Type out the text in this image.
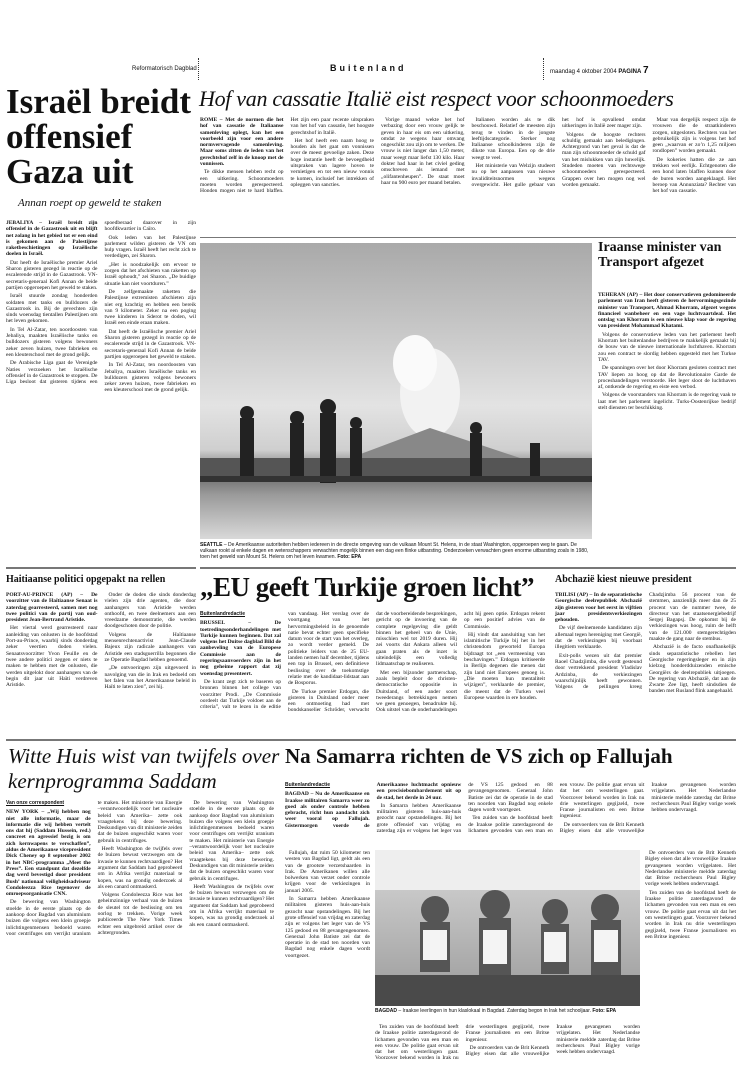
Reformatorisch Dagblad	Buitenland	maandag 4 oktober 2004 PAGINA 7
Israël breidt offensief Gaza uit
Annan roept op geweld te staken

JEBALIYA – Israël breidt zijn offensief in de Gazastrook uit en blijft net zolang in het gebied tot er een eind is gekomen aan de Palestijnse raketbeschietingen op Israëlische doelen in Israël.

Dat heeft de Israëlische premier Ariel Sharon gisteren gezegd in reactie op de escalerende strijd in de Gazastrook. VN-secretaris-generaal Kofi Annan de beide partijen opgeroepen het geweld te staken.

Israël stuurde zondag honderden soldaten met tanks en bulldozers de Gazastrook in. Bij de gevechten zijn sinds woensdag tientallen Palestijnen om het leven gekomen.

In Tel Al-Zatar, ten noordoosten van Jebaliya, maakten Israëlische tanks en bulldozers gisteren volgens bewoners zeker zeven huizen, twee fabrieken en een kleuterschool met de grond gelijk.

De Arabische Liga gaat de Verenigde Naties verzoeken het Israëlische offensief in de Gazastrook te stoppen. De Liga besloot dat gisteren tijdens een spoedberaad daarover in zijn hoofdkwartier in Caïro.

Ook leden van het Palestijnse parlement wilden gisteren de VN om hulp vragen. Israël heeft het recht zich te verdedigen, zei Sharon.

„Het is noodzakelijk om ervoor te zorgen dat het afschieten van raketten op Israël ophoudt,” zei Sharon. „De buidige situatie kan niet voortduren.”

De zelfgemaakte raketten die Palestijnse extremisten afschieten zijn niet erg krachtig en hebben een bereik van 9 kilometer. Zeker na een poging twee kinderen in Sderot te doden, wil Israël een einde eraan maken.

Dat heeft de Israëlische premier Ariel Sharon gisteren gezegd in reactie op de escalerende strijd in de Gazastrook. VN-secretaris-generaal Kofi Annan de beide partijen opgeroepen het geweld te staken.

In Tel Al-Zatar, ten noordoosten van Jebaliya, maakten Israëlische tanks en bulldozers gisteren volgens bewoners zeker zeven huizen, twee fabrieken en een kleuterschool met de grond gelijk.

Hof van cassatie Italië eist respect voor schoonmoeders

ROME – Met de normen die het hof van cassatie de Italiaanse samenleving oplegt, kan het een voorbeeld zijn voor een andere normvervagende samenleving. Maar soms zitten de leden van het gerechtshof zelf in de knoop met de vonnissen.

Te dikke mensen hebben recht op een uitkering. Schoonmoeders moeten worden gerespecteerd. Honden mogen niet te hard blaffen. Het zijn een paar recente uitspraken van het hof van cassatie, het hoogste gerechtshof in Italië.

Het hof heeft een naam hoog te houden als het gaat om vonnissen over de meest gevoelige zaken. Deze hoge instantie heeft de bevoegdheid uitspraken van lagere hoven te vernietigen en tot een nieuw vonnis te komen, inclusief het intrekken of opleggen van sancties.

Vorige maand wekte het hof verbazing door een vrouw gelijk te geven in haar eis om een uitkering, omdat ze wegens haar omvang ongeschikt zou zijn om te werken. De vrouw is niet langer dan 1,50 meter, maar weegt maar liefst 130 kilo. Haar dokter had haar in het civiel geding omschreven als iemand met „olifantenheupen”. De staat moet haar nu 900 euro per maand betalen.

Italianen worden als te dik beschouwd. Relatief de meesten zijn terug te vinden in de jongste leeftijdscategorie. Sterker nog Italiaanse schoolkinderen zijn de dikste van Europa. Een op de drie weegt te veel.

Het ministerie van Welzijn studeert nu op het aanpassen van nieuwe invaliditeitsnormen wegens overgewicht. Het gulle gebaar van het hof is opvallend omdat uitkeringen in Italië zeer mager zijn.

Volgens de hoogste rechters schuldig gemaakt aan beledigingen. Achtergrond van het geval is dat de man zijn schoonmoeder de schuld gaf van het mislukken van zijn huwelijk. Studeden moeten van rechtswege schoonmoeders gerespecteerd. Grappen over hen mogen nog wel worden gemaakt.

Maar van dergelijk respect zijn de vrouwen die de straatkinderen zorgen, uitgesloten. Rechters van het gebruikelijk zijn is volgens het hof geen „waarvan er zo’n 1,25 miljoen rondlopen” worden gemaakt.

De kokeries hatten die ze aan trekken wel eerlijk. Echtgenoten die een hond laten blaffen kunnen door de buren worden aangeklaagd. Het beroep van Annunziata? Rechter van het hof van cassatie.

SEATTLE – De Amerikaanse autoriteiten hebben iedereen in de directe omgeving van de vulkaan Mount St. Helens, in de staat Washington, opgeroepen weg te gaan. De vulkaan rookt al enkele dagen en wetenschappers verwachten mogelijk binnen een dag een flinke uitbarsting. Onderzoeken verwachten geen enorme uitbarsting zoals in 1980, toen het geweld van Mount St. Helens om het leven kwamen. Foto: EPA
Iraanse minister van Transport afgezet

TEHERAN (AP) – Het door conservatieven gedomineerde parlement van Iran heeft gisteren de hervormingsgezinde minister van Transport, Ahmad Khorram, afgezet wegens financieel wanbeheer en een vage luchtvaartdeal. Het ontslag van Khorram is een nieuwe klap voor de regering van president Mohammad Khatami.

Volgens de conservatieve leden van het parlement heeft Khorram het buitenlandse bedrijven te makkelijk gemaakt bij de bouw van de nieuwe internationale luchthaven. Khorram zou een contract te slordig hebben opgesteld met het Turkse TAV.

De spanningen over het door Khorram gesloten contract met TAV liepen zo hoog op dat de Revolutionaire Garde de proceshandelingen verstoorde. Het leger sloot de luchthaven af, ontkende de regering en eiste een verbod.

Volgens de voorstanders van Khorram is de regering vaak te laat met het parlement ingelicht. Turks-Oostenrijkse bedrijf stelt diensten ter beschikking.

Haitiaanse politici opgepakt na rellen

PORT-AU-PRINCE (AP) – De voorzitter van de Haïtiaanse Senaat is zaterdag gearresteerd, samen met nog twee politici van de partij van oud-president Jean-Bertrand Aristide.

Het viertal werd gearresteerd naar aanleiding van onlusten in de hoofdstad Port-au-Prince, waarbij sinds donderdag zeker veertien doden vielen. Senaatsvoorzitter Yvon Feuille en de twee andere politici zeggen er niets te maken te hebben met de onlusten, die werden uitgelokt door aanhangers van de begin dit jaar uit Haïti verdreven Aristide.

Onder de doden die sinds donderdag vielen zijn drie agenten, die door aanhangers van Aristide werden onthoofd, en twee deelnemers aan een vreedzame demonstratie, die werden doodgeschoten door de politie.

Volgens de Haïtiaanse mensenrechtenactivist Jean-Claude Bajeux zijn radicale aanhangers van Aristide een stadsguerrilla begonnen die ze Operatie Bagdad hebben genoemd.

„De ontvoeringen zijn uitgevoerd in navolging van die in Irak en bedoeld om het falen van het Amerikaanse beleid in Haïti te laten zien”, zei hij.

„EU geeft Turkije groen licht”
Buitenlandredactie

BRUSSEL – De toetredingsonderhandelingen met Turkije kunnen beginnen. Dat zal volgens het Duitse dagblad Bild de aanbeveling van de Europese Commissie aan de regeringsaanvoerders zijn in het nog geheime rapport dat zij woensdag presenteert.

De krant zegt zich te baseren op bronnen binnen het college van voorzitter Prodi. „De Commissie oordeelt dat Turkije voldoet aan de criteria”, valt te lezen in de editie van vandaag. Het verslag over de voortgang van het hervormingsbeleid in de genoemde natie bevat echter geen specifieke datum voor de start van het overleg, zo wordt verder gemeld. De politieke leiders van de 25 EU-landen nemen half december, tijdens een top in Brussel, een definitieve beslissing over de toekomstige relatie met de kandidaat-lidstaat aan de Bosporus.

De Turkse premier Erdogan, die gisteren in Duitsland onder meer een ontmoeting had met bondskanselier Schröder, verwacht dat de voorbereidende besprekingen, gericht op de invoering van de complete regelgeving die geldt binnen het geheel van de Unie, misschien wel tot 2019 duren. Hij zei voorts dat Ankara alleen wil gaan praten als de inzet is uiteindelijk een volledig lidmaatschap te realiseren.

Met een bijzonder partnerschap, zoals bepleit door de christen-democratische oppositie in Duitsland, of een ander soort tweederangs betrekkingen nemen we geen genoegen, benadrukte hij. Ook uitstel van de onderhandelingen acht hij geen optie. Erdogan rekent op een positief advies van de Commissie.

Hij vindt dat aansluiting van het islamitische Turkije bij het in het christendom geworteld Europa bijdraagt tot „een vermeening van beschavingen.” Erdogan kritiseerde in Berlijn degenen die menen dat zijn land niet Europees genoeg is. „Die moeten hun mentaliteit wijzigen”, verklaarde de premier, die meent dat de Turken veel Europese waarden in ere houden.

Abchazië kiest nieuwe president

TBILISI (AP) – In de separatistische Georgische deelrepubliek Abchazië zijn gisteren voor het eerst in vijftien jaar presidentsverkiezingen gehouden.

De vijf deelnemende kandidaten zijn allemaal tegen hereniging met Georgië, dat de verkiezingen bij voorbaat illegitiem verklaarde.

Exit-polls wezen uit dat premier Raoel Chadzjimba, die wordt gesteund door vertrekkend president Vladislav Ardzinba, de verkiezingen waarschijnlijk heeft gewonnen. Volgens de peilingen kreeg Chadzjimba 56 procent van de stemmen, aanzienlijk meer dan de 25 procent van de nummer twee, de directeur van het staatsenergiebedrijf Sergej Bagapsj. De opkomst bij de verkiezingen was hoog, ruim de helft van de 121.000 stemgerechtigden maakte de gang naar de stembus.

Abchazië is de facto onafhankelijk sinds separatistische rebellen het Georgische regeringsleger en in zijn kielzog honderdduizenden etnische Georgiërs de deelrepubliek uitjoegen. De regering van Abchazië, dat aan de Zwarte Zee ligt, heeft sindsdien de banden met Rusland flink aangehaald.

Witte Huis wist van twijfels over kernprogramma Saddam
Van onze correspondent

NEW YORK – „Wij hebben nog niet alle informatie, maar de informatie die wij hebben vertelt ons dat hij (Saddam Hussein, red.) concreet en agressief bezig is om zich kernwapens te verschaffen”, aldus de Amerikaanse vicepresident Dick Cheney op 8 september 2002 in het NBC-programma „Meet the Press”. Een standpunt dat dezelfde dag werd bevestigd door president Bush’ nationaal veiligheidsadviseur Condoleezza Rice tegenover de omroepsorganisatie CNN.

De bewering van Washington stoelde in de eerste plaats op de aankoop door Bagdad van aluminium buizen die volgens een klein groepje inlichtingenmensen bedoeld waren voor centrifuges om verrijkt uranium te maken. Het ministerie van Energie –verantwoordelijk voor het nucleaire beleid van Amerika– zette ook vraagtekens bij deze bewering. Deskundigen van dit ministerie zeiden dat de buizen ongeschikt waren voor gebruik in centrifuges.

Heeft Washington de twijfels over de buizen bewust verzwegen om de invasie te kunnen rechtvaardigen? Het argument dat Saddam had geprobeerd om in Afrika verrijkt materiaal te kopen, was na grondig onderzoek al als een canard ontmaskerd.

Volgens Condoleezza Rice was het geheimzinnige verhaal van de buizen de sleutel tot de beslissing om ten oorlog te trekken. Vorige week publiceerde The New York Times echter een uitgebreid artikel over de achtergronden.

De bewering van Washington stoelde in de eerste plaats op de aankoop door Bagdad van aluminium buizen die volgens een klein groepje inlichtingenmensen bedoeld waren voor centrifuges om verrijkt uranium te maken. Het ministerie van Energie –verantwoordelijk voor het nucleaire beleid van Amerika– zette ook vraagtekens bij deze bewering. Deskundigen van dit ministerie zeiden dat de buizen ongeschikt waren voor gebruik in centrifuges.

Heeft Washington de twijfels over de buizen bewust verzwegen om de invasie te kunnen rechtvaardigen? Het argument dat Saddam had geprobeerd om in Afrika verrijkt materiaal te kopen, was na grondig onderzoek al als een canard ontmaskerd.

Na Samarra richten de VS zich op Fallujah
Buitenlandredactie

BAGDAD – Nu de Amerikaanse en Iraakse militairen Samarra weer zo goed als onder controle hebben gebracht, richt hun aandacht zich weer vooral op Fallujah. Gistermorgen voerde de Amerikaanse luchtmacht opnieuw een precisiebombardement uit op de stad, het derde in 24 uur.

In Samarra hebben Amerikaanse militairen gisteren huis-aan-huis gezocht naar opstandelingen. Bij het grote offensief van vrijdag en zaterdag zijn er volgens het leger van de VS 125 gedood en 88 gevangengenomen. Generaal John Batiste zei dat de operatie in de stad ten noorden van Bagdad nog enkele dagen wordt voortgezet.

Ten zuiden van de hoofdstad heeft de Iraakse politie zaterdagavond de lichamen gevonden van een man en een vrouw. De politie gaat ervan uit dat het om westerlingen gaat. Voorzover bekend worden in Irak nu drie westerlingen gegijzeld, twee Franse journalisten en een Britse ingenieur.

De ontvoerders van de Brit Kenneth Bigley eisen dat alle vrouwelijke Iraakse gevangenen worden vrijgelaten. Het Nederlandse ministerie meldde zaterdag dat Britse rechercheurs Paul Bigley vorige week hebben ondervraagd.

Fallujah, dat ruim 50 kilometer ten westen van Bagdad ligt, geldt als een van de grootste verzetshaarden in Irak. De Amerikanen willen alle bolwerken van verzet onder controle krijgen voor de verkiezingen in januari 2005.

In Samarra hebben Amerikaanse militairen gisteren huis-aan-huis gezocht naar opstandelingen. Bij het grote offensief van vrijdag en zaterdag zijn er volgens het leger van de VS 125 gedood en 88 gevangengenomen. Generaal John Batiste zei dat de operatie in de stad ten noorden van Bagdad nog enkele dagen wordt voortgezet.

De ontvoerders van de Brit Kenneth Bigley eisen dat alle vrouwelijke Iraakse gevangenen worden vrijgelaten. Het Nederlandse ministerie meldde zaterdag dat Britse rechercheurs Paul Bigley vorige week hebben ondervraagd.

Ten zuiden van de hoofdstad heeft de Iraakse politie zaterdagavond de lichamen gevonden van een man en een vrouw. De politie gaat ervan uit dat het om westerlingen gaat. Voorzover bekend worden in Irak nu drie westerlingen gegijzeld, twee Franse journalisten en een Britse ingenieur.

BAGDAD – Iraakse leerlingen in hun klaslokaal in Bagdad. Zaterdag begon in Irak het schooljaar. Foto: EPA

Ten zuiden van de hoofdstad heeft de Iraakse politie zaterdagavond de lichamen gevonden van een man en een vrouw. De politie gaat ervan uit dat het om westerlingen gaat. Voorzover bekend worden in Irak nu drie westerlingen gegijzeld, twee Franse journalisten en een Britse ingenieur.

De ontvoerders van de Brit Kenneth Bigley eisen dat alle vrouwelijke Iraakse gevangenen worden vrijgelaten. Het Nederlandse ministerie meldde zaterdag dat Britse rechercheurs Paul Bigley vorige week hebben ondervraagd.
